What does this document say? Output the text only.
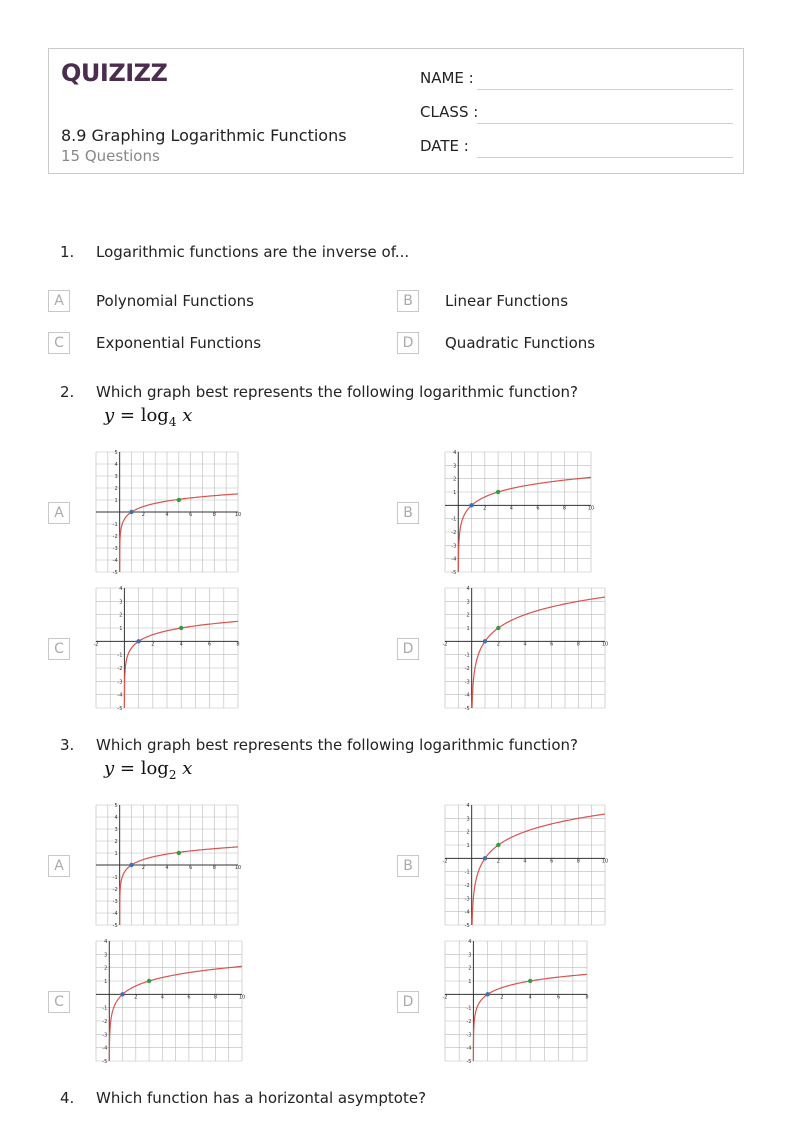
QUIZIZZ
8.9 Graphing Logarithmic Functions
15 Questions
NAME :
CLASS :
DATE :
1. Logarithmic functions are the inverse of...
A	Polynomial Functions	B	Linear Functions
C	Exponential Functions	D	Quadratic Functions
2. Which graph best represents the following logarithmic function?
$y = \log_4 x$
A	2	4	6	8	10
5
4
3
2
1
-1
-2
-3
-4
-5
B	2	4	6	8	10
4
3
2
1
-1
-2
-3
-4
-5
C	-2	2	4	6	8
4
3
2
1
-1
-2
-3
-4
-5
D	-2	2	4	6	8	10
4
3
2
1
-1
-2
-3
-4
-5
3. Which graph best represents the following logarithmic function?
$y = \log_2 x$
A	2	4	6	8	10
5
4
3
2
1
-1
-2
-3
-4
-5
B	-2	2	4	6	8	10
4
3
2
1
-1
-2
-3
-4
-5
C	2	4	6	8	10
4
3
2
1
-1
-2
-3
-4
-5
D	-2	2	4	6	8
4
3
2
1
-1
-2
-3
-4
-5
4. Which function has a horizontal asymptote?
